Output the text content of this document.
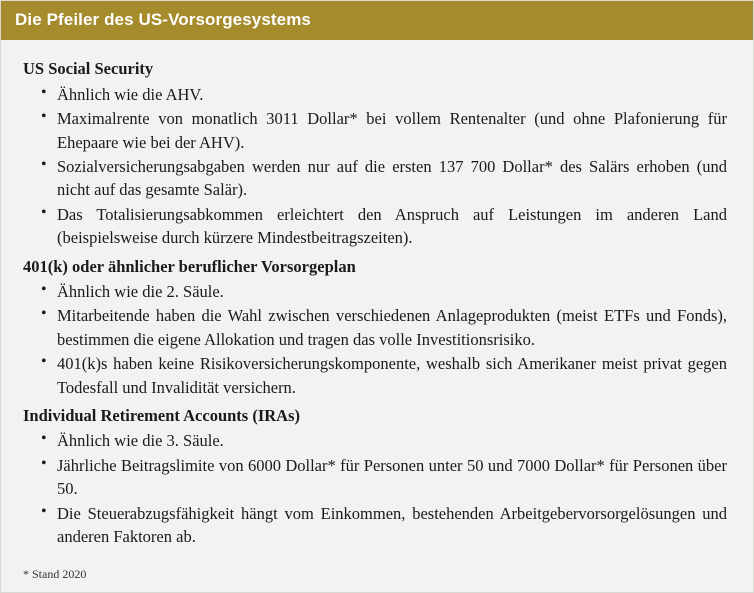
Die Pfeiler des US-Vorsorgesystems
US Social Security
• Ähnlich wie die AHV.
• Maximalrente von monatlich 3011 Dollar* bei vollem Rentenalter (und ohne Plafonierung für Ehepaare wie bei der AHV).
• Sozialversicherungsabgaben werden nur auf die ersten 137 700 Dollar* des Salärs erhoben (und nicht auf das gesamte Salär).
• Das Totalisierungsabkommen erleichtert den Anspruch auf Leistungen im anderen Land (beispielsweise durch kürzere Mindestbeitragszeiten).
401(k) oder ähnlicher beruflicher Vorsorgeplan
• Ähnlich wie die 2. Säule.
• Mitarbeitende haben die Wahl zwischen verschiedenen Anlageprodukten (meist ETFs und Fonds), bestimmen die eigene Allokation und tragen das volle Investitionsrisiko.
• 401(k)s haben keine Risikoversicherungskomponente, weshalb sich Amerikaner meist privat gegen Todesfall und Invalidität versichern.
Individual Retirement Accounts (IRAs)
• Ähnlich wie die 3. Säule.
• Jährliche Beitragslimite von 6000 Dollar* für Personen unter 50 und 7000 Dollar* für Personen über 50.
• Die Steuerabzugsfähigkeit hängt vom Einkommen, bestehenden Arbeitgebervorsorgelösungen und anderen Faktoren ab.
* Stand 2020
